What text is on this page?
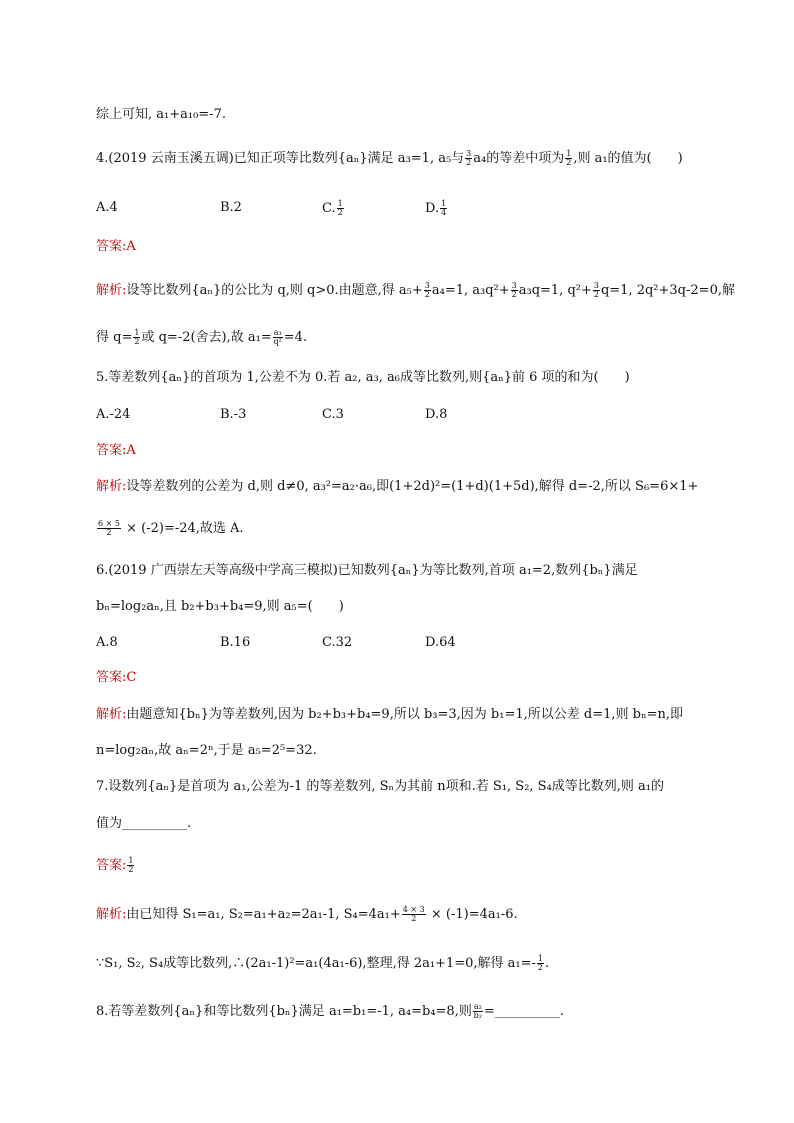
综上可知, a₁+a₁₀=-7.
4.(2019 云南玉溪五调)已知正项等比数列{aₙ}满足 a₃=1, a₅与 $\frac{3}{2} a_4$的等差中项为 $\frac{1}{2}$ ,则 a₁的值为(　　)
A.4	B.2	C. $\frac{1}{2}$	D. $\frac{1}{4}$
答案:A
解析:设等比数列{aₙ}的公比为 q,则 q>0.由题意,得 $a_5+ \frac{3}{2} a_4=1$, $a_3q^2+ \frac{3}{2} a_3q=1$, $q^2+ \frac{3}{2} q=1$, 2q²+3q-2=0,解
得 $q= \frac{1}{2}$ 或 q=-2(舍去),故 $a_1= \frac{\text{a₃}}{\text{q²}} =4$.
5.等差数列{aₙ}的首项为 1,公差不为 0.若 a₂, a₃, a₆成等比数列,则{aₙ}前 6 项的和为(　　)
A.-24	B.-3	C.3	D.8
答案:A
解析:设等差数列的公差为 d,则 d≠0, a₃²=a₂·a₆,即(1+2d)²=(1+d)(1+5d),解得 d=-2,所以 S₆=6×1+
$\frac{6 \times 5}{2} \times (-2)=-24$,故选 A.
6.(2019 广西崇左天等高级中学高三模拟)已知数列{aₙ}为等比数列,首项 a₁=2,数列{bₙ}满足
bₙ=log₂aₙ,且 b₂+b₃+b₄=9,则 a₅=(　　)
A.8	B.16	C.32	D.64
答案:C
解析:由题意知{bₙ}为等差数列,因为 b₂+b₃+b₄=9,所以 b₃=3,因为 b₁=1,所以公差 d=1,则 bₙ=n,即
n=log₂aₙ,故 aₙ=2ⁿ,于是 a₅=2⁵=32.
7.设数列{aₙ}是首项为 a₁,公差为-1 的等差数列, Sₙ为其前 n项和.若 S₁, S₂, S₄成等比数列,则 a₁的
值为__________.
答案: $\frac{1}{2}$
解析:由已知得 S₁=a₁, S₂=a₁+a₂=2a₁-1, $S_4=4a_1+ \frac{4 \times 3}{2} \times (-1)=4a_1-6$.
∵S₁, S₂, S₄成等比数列,∴(2a₁-1)²=a₁(4a₁-6),整理,得 2a₁+1=0,解得 $a_1=- \frac{1}{2}$ .
8.若等差数列{aₙ}和等比数列{bₙ}满足 a₁=b₁=-1, a₄=b₄=8,则 $\frac{\text{a₂}}{\text{b₂}}$ =__________.
